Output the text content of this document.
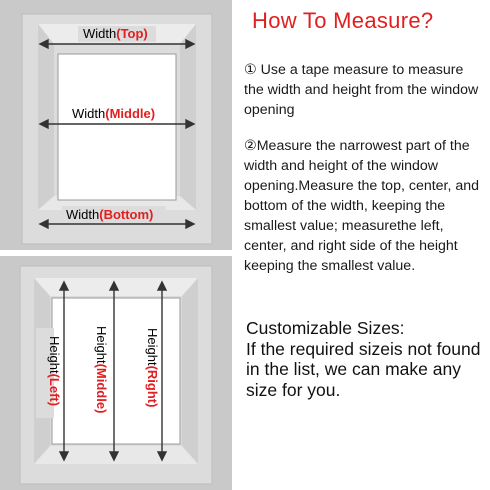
Width(Top)
Width(Middle)
Width(Bottom)
Height(Left)
Height(Middle)
Height(Right)
How To Measure?
① Use a tape measure to measure the width and height from the window opening
②Measure the narrowest part of the width and height of the window opening.Measure the top, center, and bottom of the width, keeping the smallest value; measurethe left, center, and right side of the height keeping the smallest value.
Customizable Sizes:
If the required sizeis not found in the list, we can make any size for you.
